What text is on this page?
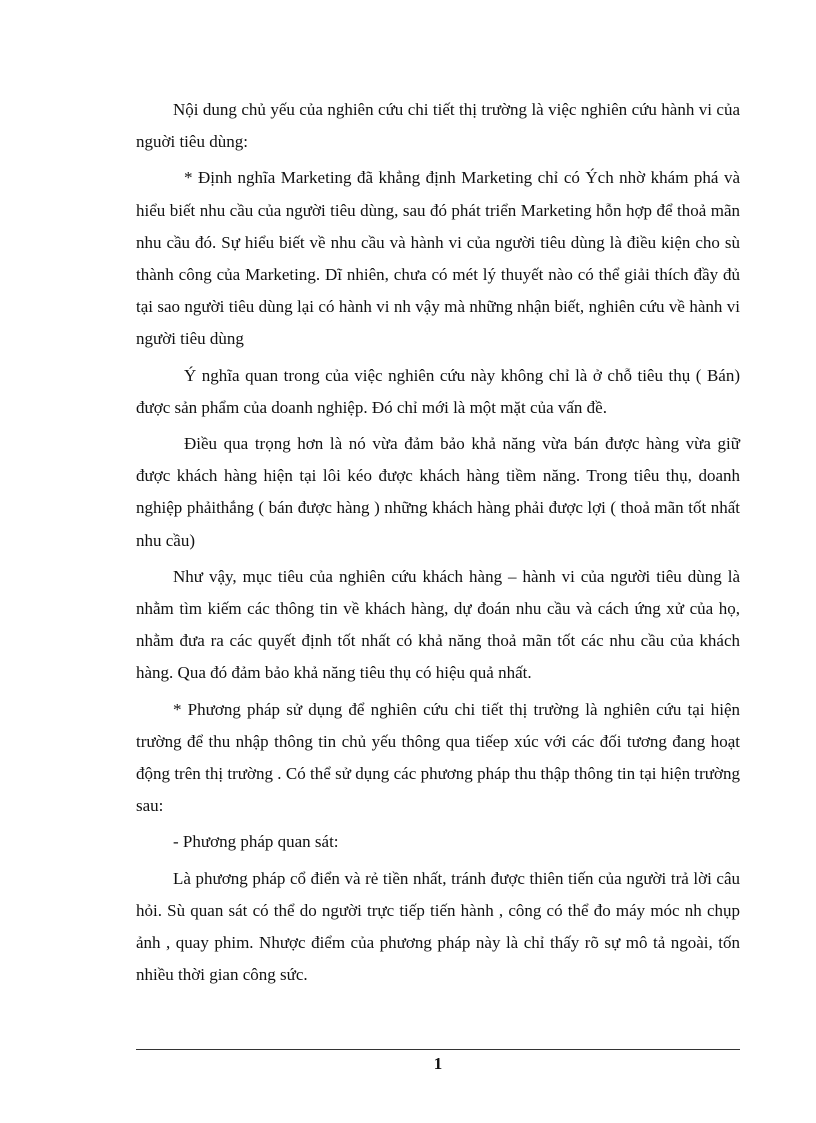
Nội dung chủ yếu của nghiên cứu chi tiết thị trường là việc nghiên cứu hành vi của nguời tiêu dùng:

* Định nghĩa Marketing đã khẳng định Marketing chỉ có Ých nhờ khám phá và hiểu biết nhu cầu của người tiêu dùng, sau đó phát triển Marketing hỗn hợp để thoả mãn nhu cầu đó. Sự hiểu biết về nhu cầu và hành vi của người tiêu dùng là điều kiện cho sù thành công của Marketing. Dĩ nhiên, chưa có mét lý thuyết nào có thể giải thích đầy đủ tại sao người tiêu dùng lại có hành vi nh vậy mà những nhận biết, nghiên cứu về hành vi người tiêu dùng

Ý nghĩa quan trong của việc nghiên cứu này không chỉ là ở chỗ tiêu thụ ( Bán) được sản phẩm của doanh nghiệp. Đó chỉ mới là một mặt của vấn đề.

Điều qua trọng hơn là nó vừa đảm bảo khả năng vừa bán được hàng vừa giữ được khách hàng hiện tại lôi kéo được khách hàng tiềm năng. Trong tiêu thụ, doanh nghiệp phảithắng ( bán được hàng ) những khách hàng phải được lợi ( thoả mãn tốt nhất nhu cầu)

Như vậy, mục tiêu của nghiên cứu khách hàng – hành vi của người tiêu dùng là nhằm tìm kiếm các thông tin về khách hàng, dự đoán nhu cầu và cách ứng xử của họ, nhằm đưa ra các quyết định tốt nhất có khả năng thoả mãn tốt các nhu cầu của khách hàng. Qua đó đảm bảo khả năng tiêu thụ có hiệu quả nhất.

* Phương pháp sử dụng để nghiên cứu chi tiết thị trường là nghiên cứu tại hiện trường để thu nhập thông tin chủ yếu thông qua tiếep xúc với các đối tương đang hoạt động trên thị trường . Có thể sử dụng các phương pháp thu thập thông tin tại hiện trường sau:

- Phương pháp quan sát:

Là phương pháp cổ điển và rẻ tiền nhất, tránh được thiên tiến của người trả lời câu hỏi. Sù quan sát có thể do người trực tiếp tiến hành , công có thể đo máy móc nh chụp ảnh , quay phim. Nhược điểm của phương pháp này là chỉ thấy rõ sự mô tả ngoài, tốn nhiều thời gian công sức.

1
